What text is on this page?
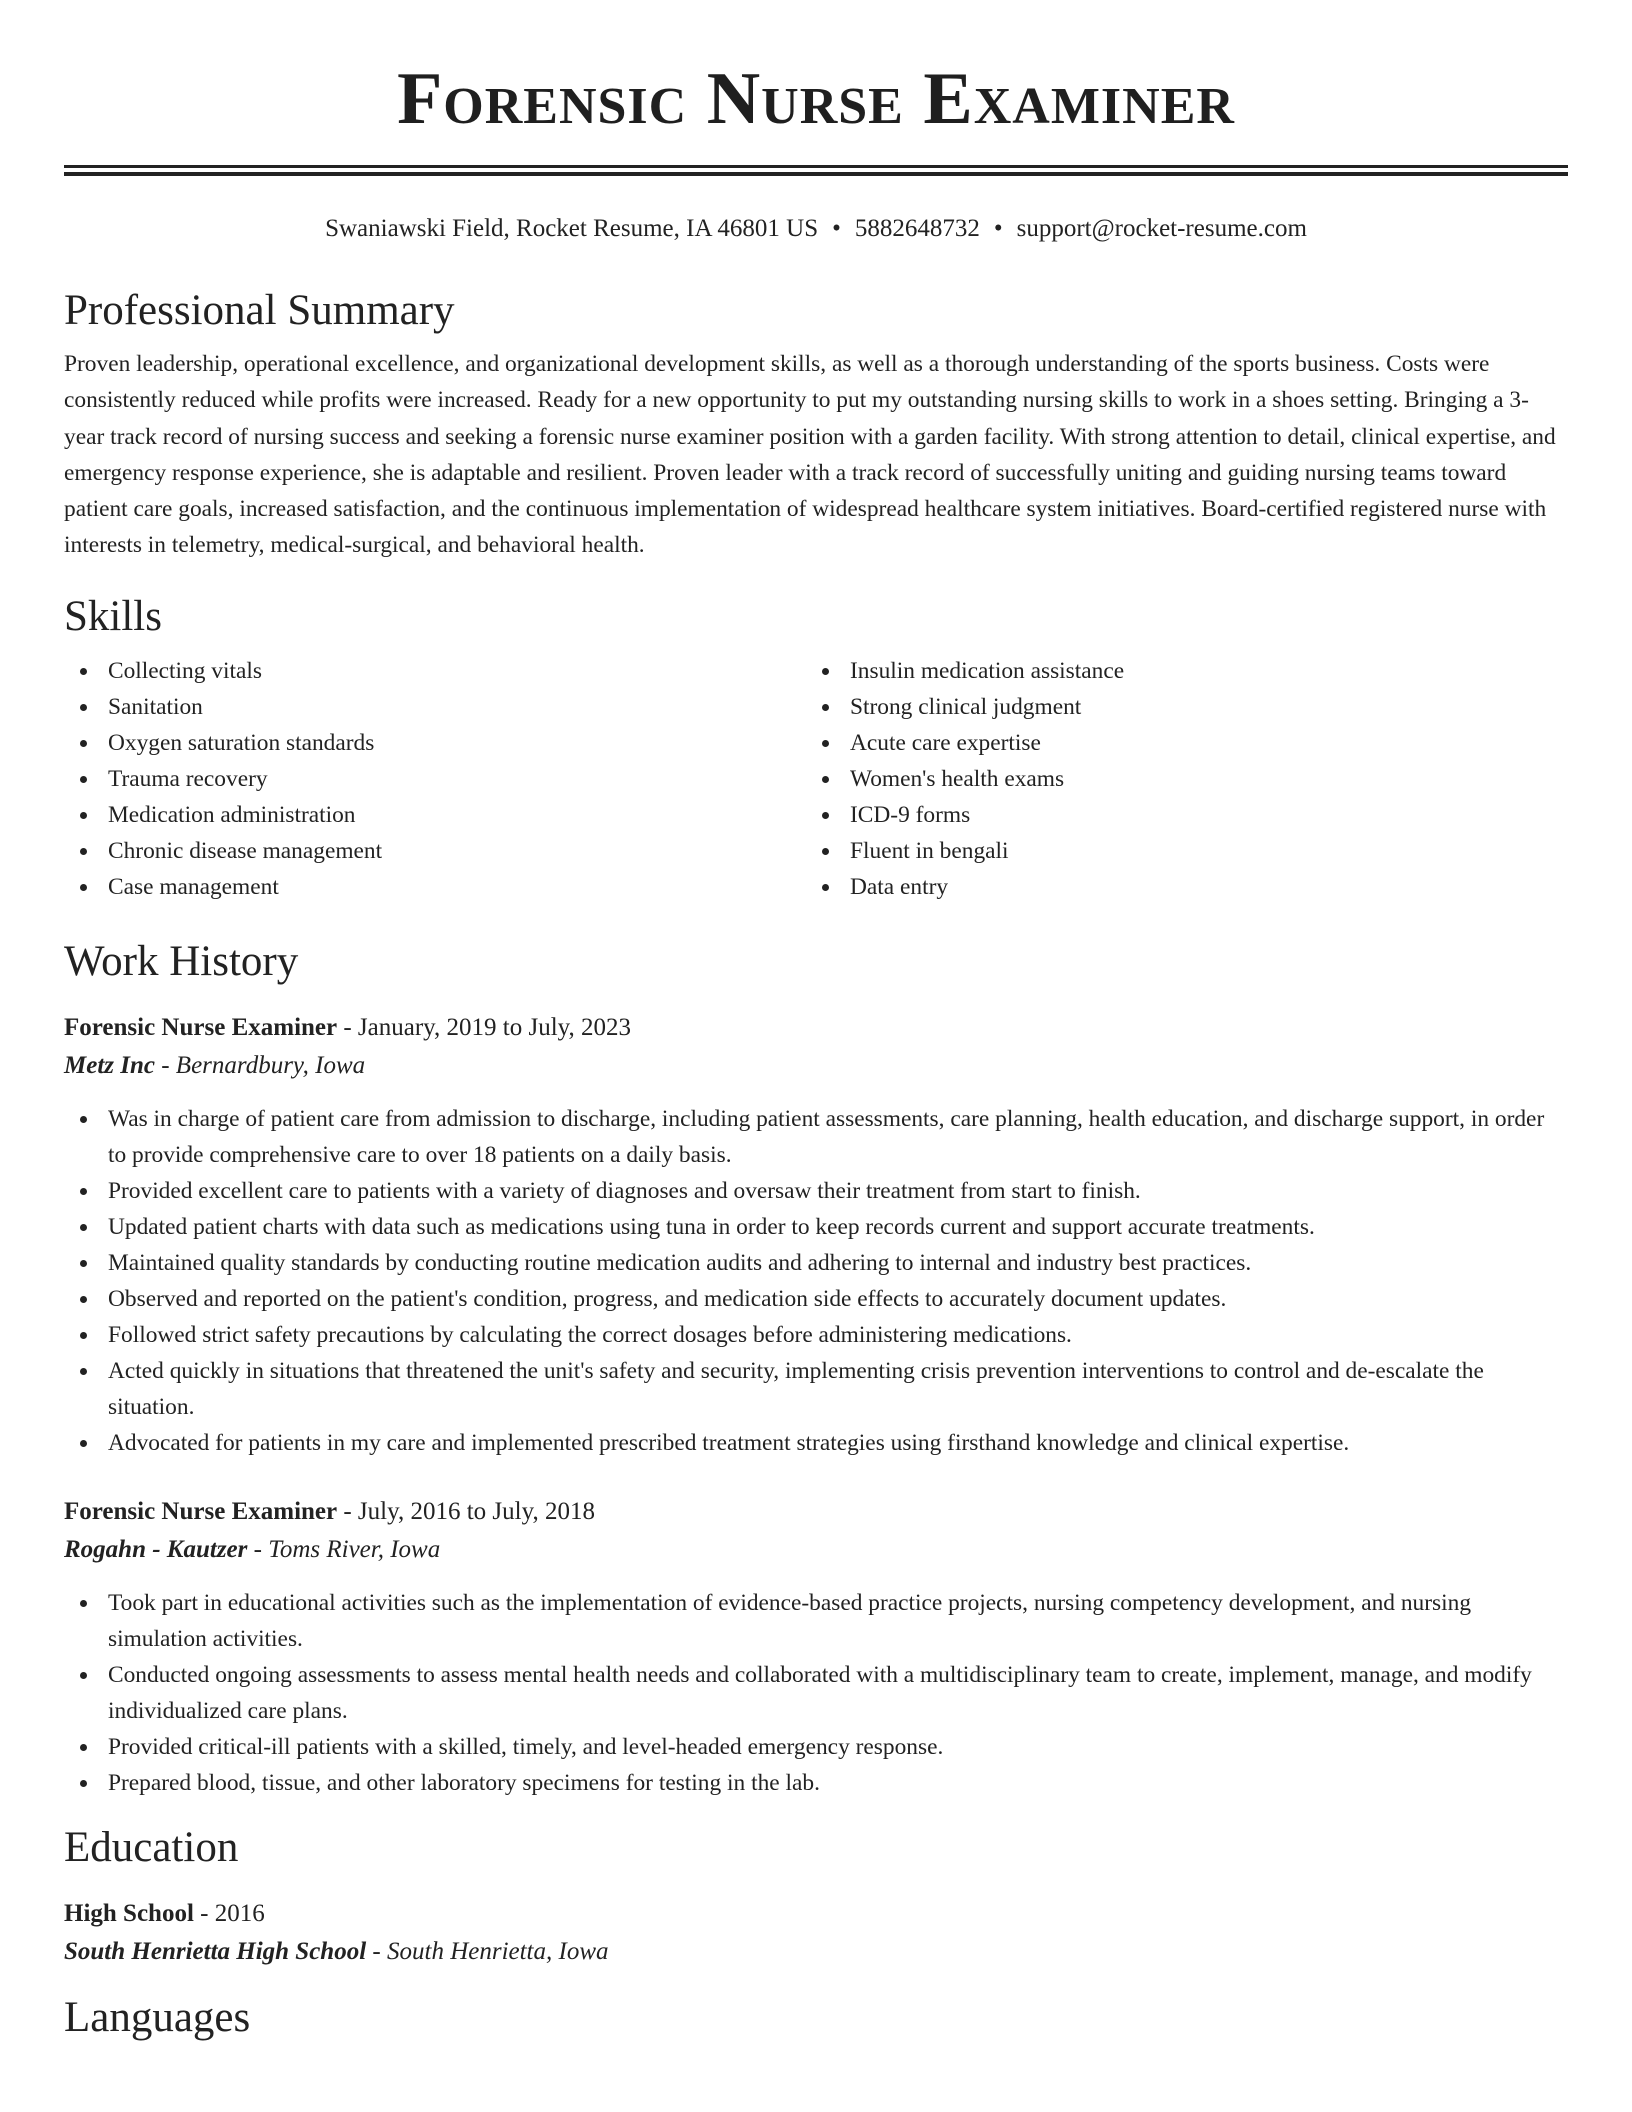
Forensic Nurse Examiner
Swaniawski Field, Rocket Resume, IA 46801 US • 5882648732 • support@rocket-resume.com
Professional Summary

Proven leadership, operational excellence, and organizational development skills, as well as a thorough understanding of the sports business. Costs were consistently reduced while profits were increased. Ready for a new opportunity to put my outstanding nursing skills to work in a shoes setting. Bringing a 3-year track record of nursing success and seeking a forensic nurse examiner position with a garden facility. With strong attention to detail, clinical expertise, and emergency response experience, she is adaptable and resilient. Proven leader with a track record of successfully uniting and guiding nursing teams toward patient care goals, increased satisfaction, and the continuous implementation of widespread healthcare system initiatives. Board-certified registered nurse with interests in telemetry, medical-surgical, and behavioral health.

Skills
Collecting vitals
Sanitation
Oxygen saturation standards
Trauma recovery
Medication administration
Chronic disease management
Case management
Insulin medication assistance
Strong clinical judgment
Acute care expertise
Women's health exams
ICD-9 forms
Fluent in bengali
Data entry
Work History
Forensic Nurse Examiner - January, 2019 to July, 2023
Metz Inc - Bernardbury, Iowa
Was in charge of patient care from admission to discharge, including patient assessments, care planning, health education, and discharge support, in order to provide comprehensive care to over 18 patients on a daily basis.
Provided excellent care to patients with a variety of diagnoses and oversaw their treatment from start to finish.
Updated patient charts with data such as medications using tuna in order to keep records current and support accurate treatments.
Maintained quality standards by conducting routine medication audits and adhering to internal and industry best practices.
Observed and reported on the patient's condition, progress, and medication side effects to accurately document updates.
Followed strict safety precautions by calculating the correct dosages before administering medications.
Acted quickly in situations that threatened the unit's safety and security, implementing crisis prevention interventions to control and de-escalate the situation.
Advocated for patients in my care and implemented prescribed treatment strategies using firsthand knowledge and clinical expertise.
Forensic Nurse Examiner - July, 2016 to July, 2018
Rogahn - Kautzer - Toms River, Iowa
Took part in educational activities such as the implementation of evidence-based practice projects, nursing competency development, and nursing simulation activities.
Conducted ongoing assessments to assess mental health needs and collaborated with a multidisciplinary team to create, implement, manage, and modify individualized care plans.
Provided critical-ill patients with a skilled, timely, and level-headed emergency response.
Prepared blood, tissue, and other laboratory specimens for testing in the lab.
Education
High School - 2016
South Henrietta High School - South Henrietta, Iowa
Languages
